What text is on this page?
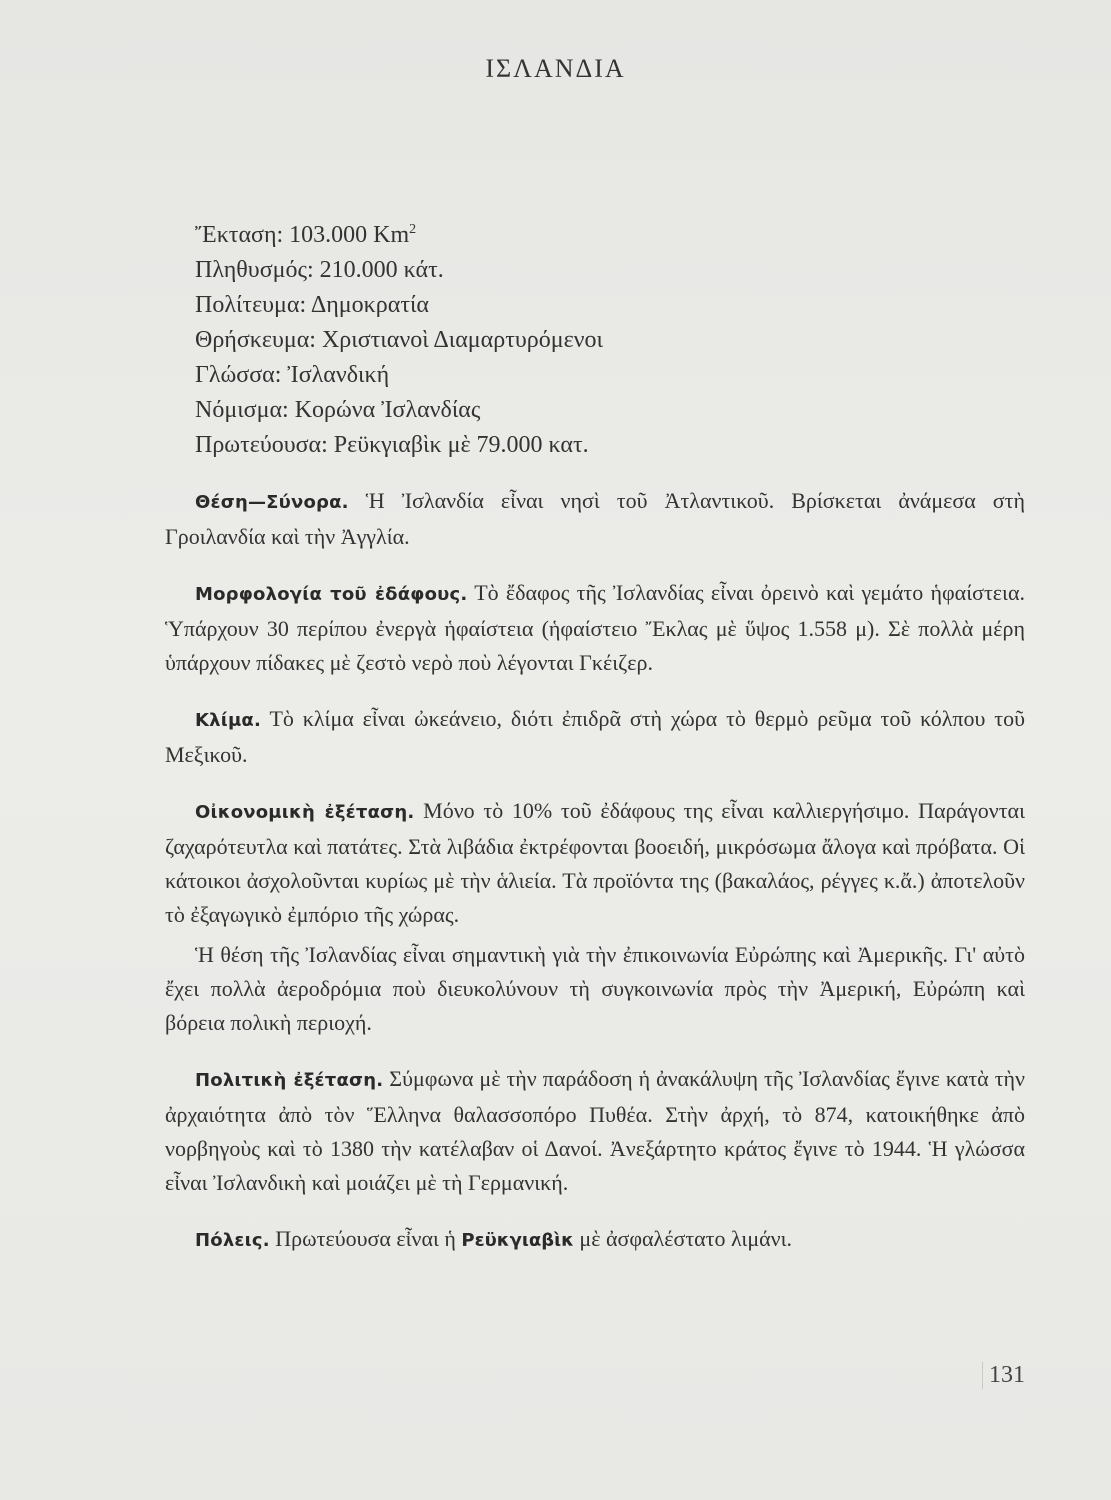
ΙΣΛΑΝΔΙΑ
Ἔκταση: 103.000 Km$^2$
Πληθυσμός: 210.000 κάτ.
Πολίτευμα: Δημοκρατία
Θρήσκευμα: Χριστιανοὶ Διαμαρτυρόμενοι
Γλώσσα: Ἰσλανδική
Νόμισμα: Κορώνα Ἰσλανδίας
Πρωτεύουσα: Ρεϋκγιαβὶκ μὲ 79.000 κατ.

Θέση—Σύνορα. Ἡ Ἰσλανδία εἶναι νησὶ τοῦ Ἀτλαντικοῦ. Βρίσκεται ἀνάμεσα στὴ Γροιλανδία καὶ τὴν Ἀγγλία.

Μορφολογία τοῦ ἐδάφους. Τὸ ἔδαφος τῆς Ἰσλανδίας εἶναι ὀρεινὸ καὶ γεμάτο ἡφαίστεια. Ὑπάρχουν 30 περίπου ἐνεργὰ ἡφαίστεια (ἡφαίστειο Ἔκλας μὲ ὕψος 1.558 μ). Σὲ πολλὰ μέρη ὑπάρχουν πίδακες μὲ ζεστὸ νερὸ ποὺ λέγονται Γκέιζερ.

Κλίμα. Τὸ κλίμα εἶναι ὠκεάνειο, διότι ἐπιδρᾶ στὴ χώρα τὸ θερμὸ ρεῦμα τοῦ κόλπου τοῦ Μεξικοῦ.

Οἰκονομικὴ ἐξέταση. Μόνο τὸ 10% τοῦ ἐδάφους της εἶναι καλλιεργήσιμο. Παράγονται ζαχαρότευτλα καὶ πατάτες. Στὰ λιβάδια ἐκτρέφονται βοοειδή, μικρόσωμα ἄλογα καὶ πρόβατα. Οἱ κάτοικοι ἀσχολοῦνται κυρίως μὲ τὴν ἁλιεία. Τὰ προϊόντα της (βακαλάος, ρέγγες κ.ἄ.) ἀποτελοῦν τὸ ἐξαγωγικὸ ἐμπόριο τῆς χώρας.

Ἡ θέση τῆς Ἰσλανδίας εἶναι σημαντικὴ γιὰ τὴν ἐπικοινωνία Εὐρώπης καὶ Ἀμερικῆς. Γι' αὐτὸ ἔχει πολλὰ ἀεροδρόμια ποὺ διευκολύνουν τὴ συγκοινωνία πρὸς τὴν Ἀμερική, Εὐρώπη καὶ βόρεια πολικὴ περιοχή.

Πολιτικὴ ἐξέταση. Σύμφωνα μὲ τὴν παράδοση ἡ ἀνακάλυψη τῆς Ἰσλανδίας ἔγινε κατὰ τὴν ἀρχαιότητα ἀπὸ τὸν Ἕλληνα θαλασσοπόρο Πυθέα. Στὴν ἀρχή, τὸ 874, κατοικήθηκε ἀπὸ νορβηγοὺς καὶ τὸ 1380 τὴν κατέλαβαν οἱ Δανοί. Ἀνεξάρτητο κράτος ἔγινε τὸ 1944. Ἡ γλώσσα εἶναι Ἰσλανδικὴ καὶ μοιάζει μὲ τὴ Γερμανική.

Πόλεις. Πρωτεύουσα εἶναι ἡ Ρεϋκγιαβὶκ μὲ ἀσφαλέστατο λιμάνι.

131
